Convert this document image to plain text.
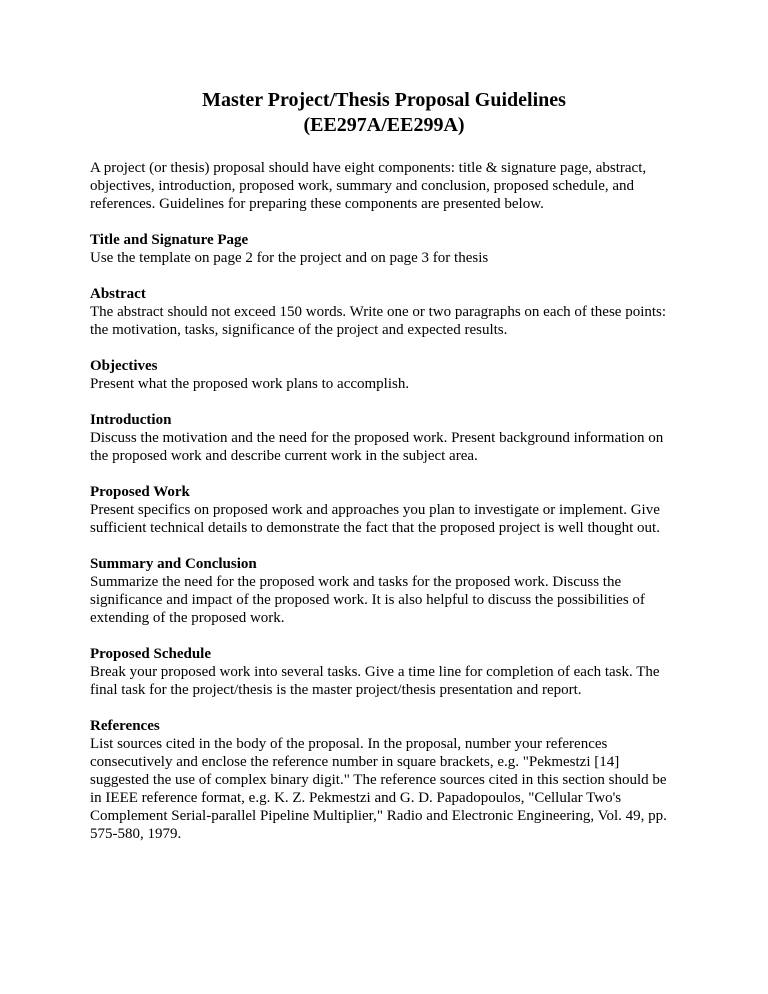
Master Project/Thesis Proposal Guidelines
(EE297A/EE299A)

A project (or thesis) proposal should have eight components: title & signature page, abstract, objectives, introduction, proposed work, summary and conclusion, proposed schedule, and references. Guidelines for preparing these components are presented below.

Title and Signature Page
Use the template on page 2 for the project and on page 3 for thesis
Abstract
The abstract should not exceed 150 words. Write one or two paragraphs on each of these points: the motivation, tasks, significance of the project and expected results.
Objectives
Present what the proposed work plans to accomplish.
Introduction
Discuss the motivation and the need for the proposed work. Present background information on the proposed work and describe current work in the subject area.
Proposed Work
Present specifics on proposed work and approaches you plan to investigate or implement. Give sufficient technical details to demonstrate the fact that the proposed project is well thought out.
Summary and Conclusion
Summarize the need for the proposed work and tasks for the proposed work. Discuss the significance and impact of the proposed work. It is also helpful to discuss the possibilities of extending of the proposed work.
Proposed Schedule
Break your proposed work into several tasks. Give a time line for completion of each task. The final task for the project/thesis is the master project/thesis presentation and report.
References
List sources cited in the body of the proposal. In the proposal, number your references consecutively and enclose the reference number in square brackets, e.g. "Pekmestzi [14] suggested the use of complex binary digit." The reference sources cited in this section should be in IEEE reference format, e.g. K. Z. Pekmestzi and G. D. Papadopoulos, "Cellular Two's Complement Serial-parallel Pipeline Multiplier," Radio and Electronic Engineering, Vol. 49, pp. 575-580, 1979.
